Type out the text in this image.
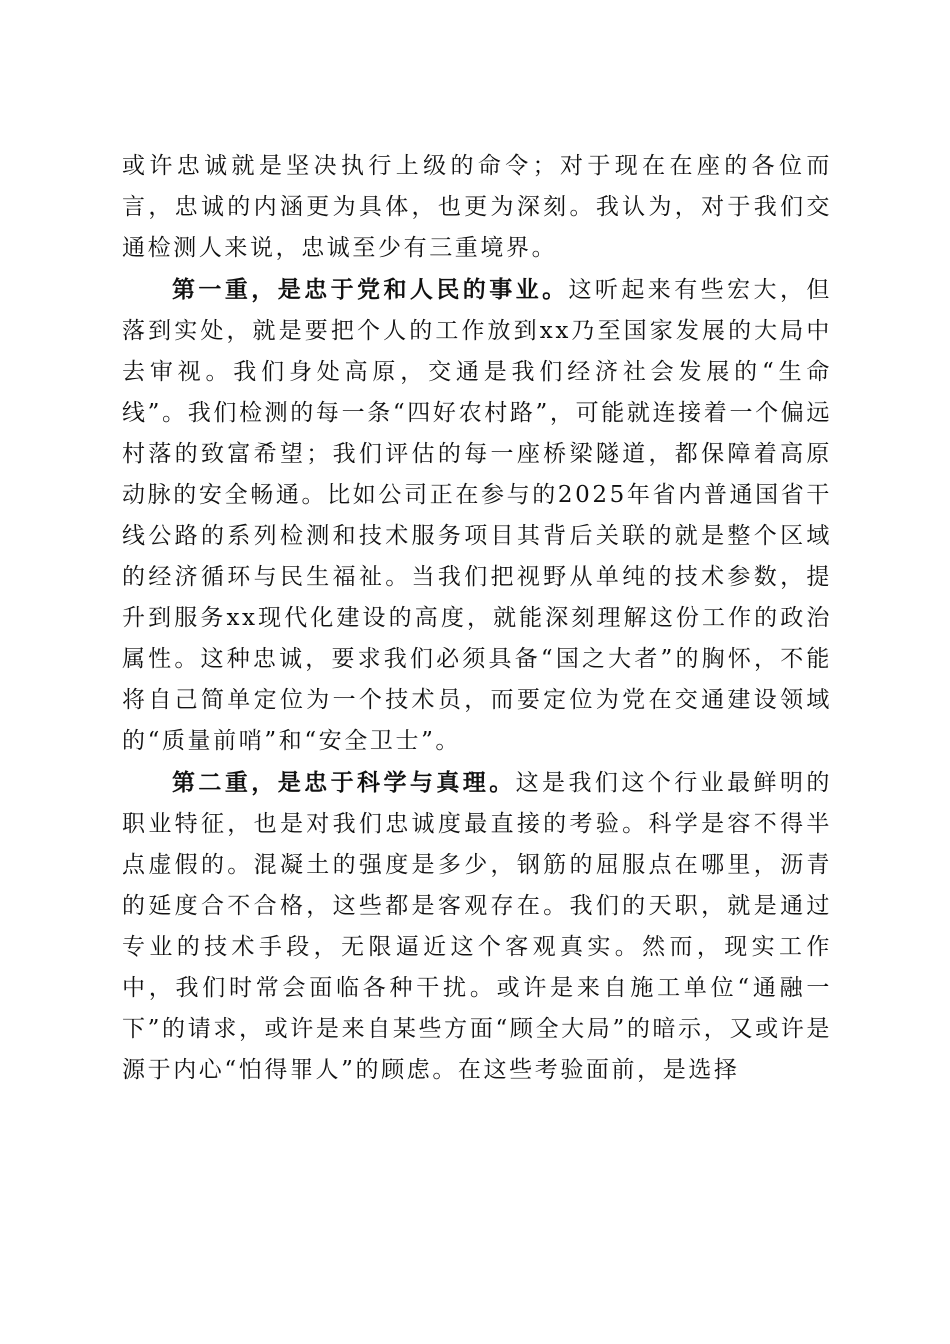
或许忠诚就是坚决执行上级的命令；对于现在在座的各位而言，忠诚的内涵更为具体，也更为深刻。我认为，对于我们交通检测人来说，忠诚至少有三重境界。

第一重，是忠于党和人民的事业。这听起来有些宏大，但落到实处，就是要把个人的工作放到xx乃至国家发展的大局中去审视。我们身处高原，交通是我们经济社会发展的“生命线”。我们检测的每一条“四好农村路”，可能就连接着一个偏远村落的致富希望；我们评估的每一座桥梁隧道，都保障着高原动脉的安全畅通。比如公司正在参与的2025年省内普通国省干线公路的系列检测和技术服务项目其背后关联的就是整个区域的经济循环与民生福祉。当我们把视野从单纯的技术参数，提升到服务xx现代化建设的高度，就能深刻理解这份工作的政治属性。这种忠诚，要求我们必须具备“国之大者”的胸怀，不能将自己简单定位为一个技术员，而要定位为党在交通建设领域的“质量前哨”和“安全卫士”。

第二重，是忠于科学与真理。这是我们这个行业最鲜明的职业特征，也是对我们忠诚度最直接的考验。科学是容不得半点虚假的。混凝土的强度是多少，钢筋的屈服点在哪里，沥青的延度合不合格，这些都是客观存在。我们的天职，就是通过专业的技术手段，无限逼近这个客观真实。然而，现实工作中，我们时常会面临各种干扰。或许是来自施工单位“通融一下”的请求，或许是来自某些方面“顾全大局”的暗示，又或许是源于内心“怕得罪人”的顾虑。在这些考验面前，是选择
